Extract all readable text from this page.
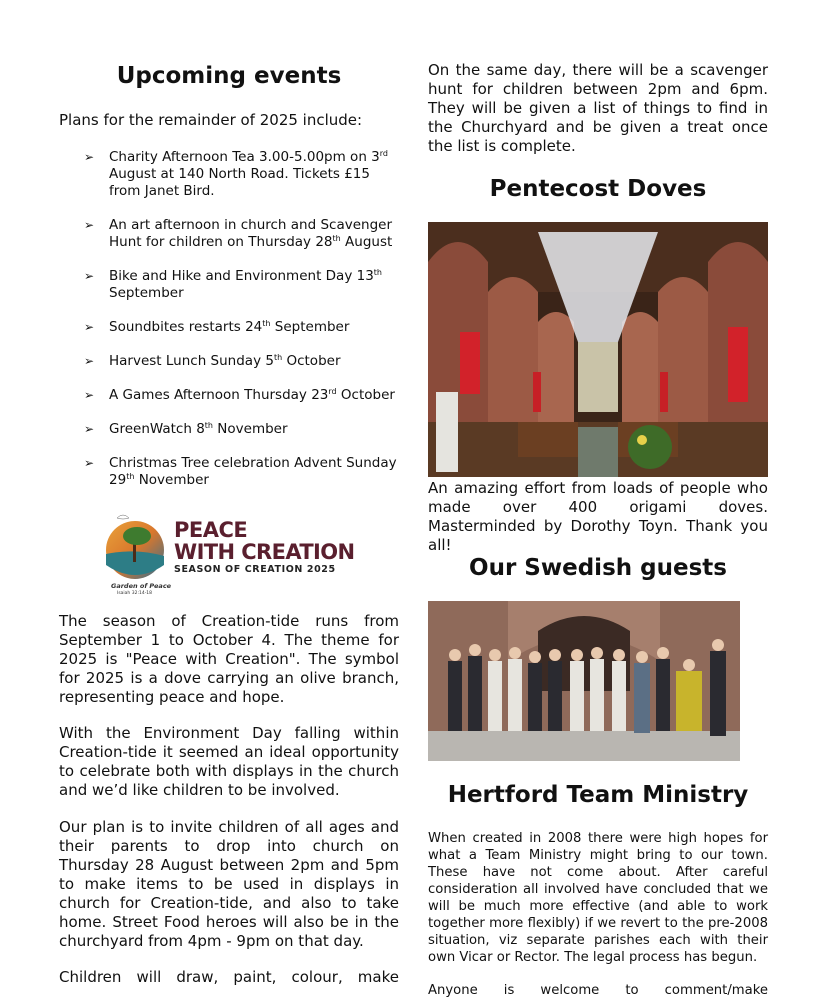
Upcoming events

Plans for the remainder of 2025 include:

➢ Charity Afternoon Tea 3.00-5.00pm on 3rd August at 140 North Road. Tickets £15 from Janet Bird.
➢ An art afternoon in church and Scavenger Hunt for children on Thursday 28th August
➢ Bike and Hike and Environment Day 13th September
➢ Soundbites restarts 24th September
➢ Harvest Lunch Sunday 5th October
➢ A Games Afternoon Thursday 23rd October
➢ GreenWatch 8th November
➢ Christmas Tree celebration Advent Sunday 29th November
PEACE
WITH CREATION
SEASON OF CREATION 2025
Garden of Peace
Isaiah 32:14-18

The season of Creation-tide runs from September 1 to October 4. The theme for 2025 is "Peace with Creation". The symbol for 2025 is a dove carrying an olive branch, representing peace and hope.

With the Environment Day falling within Creation-tide it seemed an ideal opportunity to celebrate both with displays in the church and we’d like children to be involved.

Our plan is to invite children of all ages and their parents to drop into church on Thursday 28 August between 2pm and 5pm to make items to be used in displays in church for Creation-tide, and also to take home. Street Food heroes will also be in the churchyard from 4pm - 9pm on that day.

Children will draw, paint, colour, make

On the same day, there will be a scavenger hunt for children between 2pm and 6pm. They will be given a list of things to find in the Churchyard and be given a treat once the list is complete.

Pentecost Doves

An amazing effort from loads of people who made over 400 origami doves. Masterminded by Dorothy Toyn. Thank you all!

Our Swedish guests
Hertford Team Ministry

When created in 2008 there were high hopes for what a Team Ministry might bring to our town. These have not come about. After careful consideration all involved have concluded that we will be much more effective (and able to work together more flexibly) if we revert to the pre-2008 situation, viz separate parishes each with their own Vicar or Rector. The legal process has begun.

Anyone is welcome to comment/make
